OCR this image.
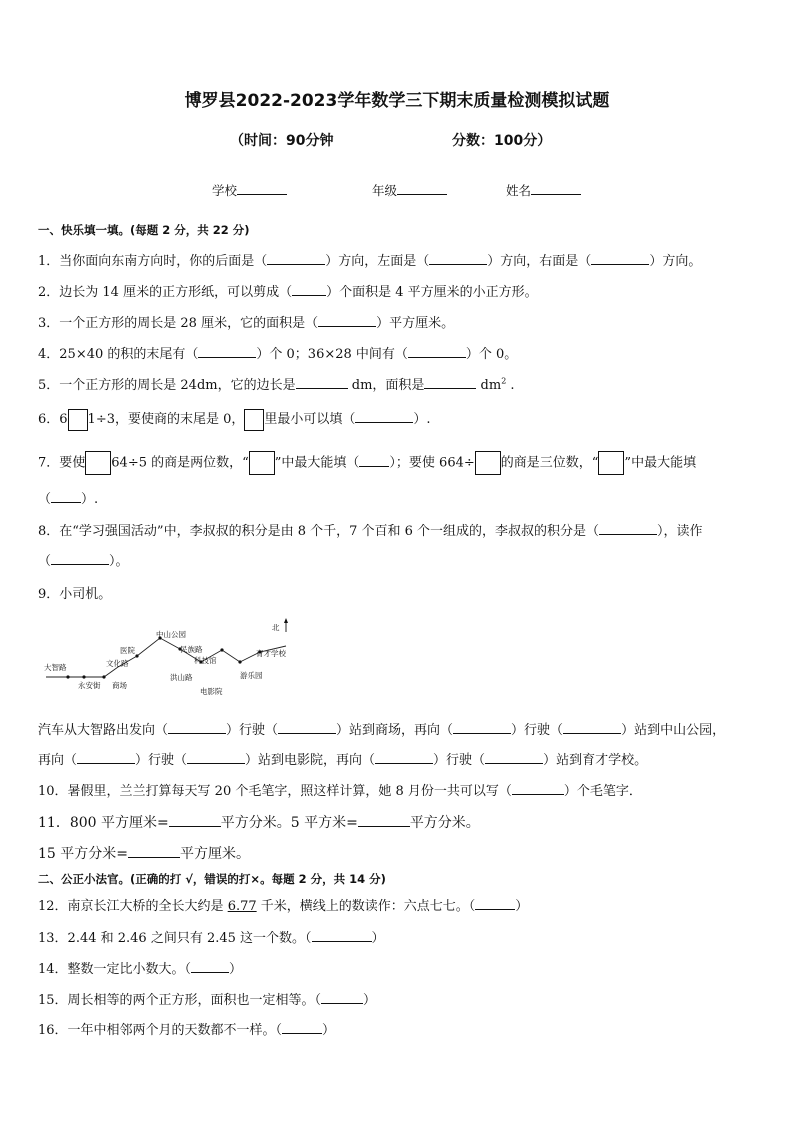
博罗县2022-2023学年数学三下期末质量检测模拟试题
（时间：90分钟	分数：100分）
学校	年级	姓名
一、快乐填一填。(每题 2 分，共 22 分)
1．当你面向东南方向时，你的后面是（	）方向，左面是（	）方向，右面是（	）方向。
2．边长为 14 厘米的正方形纸，可以剪成（	）个面积是 4 平方厘米的小正方形。
3．一个正方形的周长是 28 厘米，它的面积是（	）平方厘米。
4．25×40 的积的末尾有（	）个 0；36×28 中间有（	）个 0。
5．一个正方形的周长是 24dm，它的边长是	dm，面积是	$dm^2$ .
6．6 1÷3，要使商的末尾是 0， 里最小可以填（	）.
7．要使 64÷5 的商是两位数，“ ”中最大能填（ ）；要使 664÷ 的商是三位数，“ ”中最大能填
（ ）.
8．在“学习强国活动”中，李叔叔的积分是由 8 个千，7 个百和 6 个一组成的，李叔叔的积分是（	），读作
（	）。
9．小司机。
北
大智路
永安街 商场
文化路
医院
中山公园
民族路
科技馆
洪山路
电影院
游乐园
育才学校
汽车从大智路出发向（	）行驶（	）站到商场，再向（	）行驶（	）站到中山公园，
再向（	）行驶（	）站到电影院，再向（	）行驶（	）站到育才学校。
10．暑假里，兰兰打算每天写 20 个毛笔字，照这样计算，她 8 月份一共可以写（	）个毛笔字．
11．800 平方厘米=	平方分米。5 平方米=	平方分米。
15 平方分米=	平方厘米。
二、公正小法官。(正确的打 √，错误的打×。每题 2 分，共 14 分)
12．南京长江大桥的全长大约是 6.77 千米，横线上的数读作：六点七七。（	）
13．2.44 和 2.46 之间只有 2.45 这一个数。（	）
14．整数一定比小数大。（	）
15．周长相等的两个正方形，面积也一定相等。（	）
16．一年中相邻两个月的天数都不一样。（	）
